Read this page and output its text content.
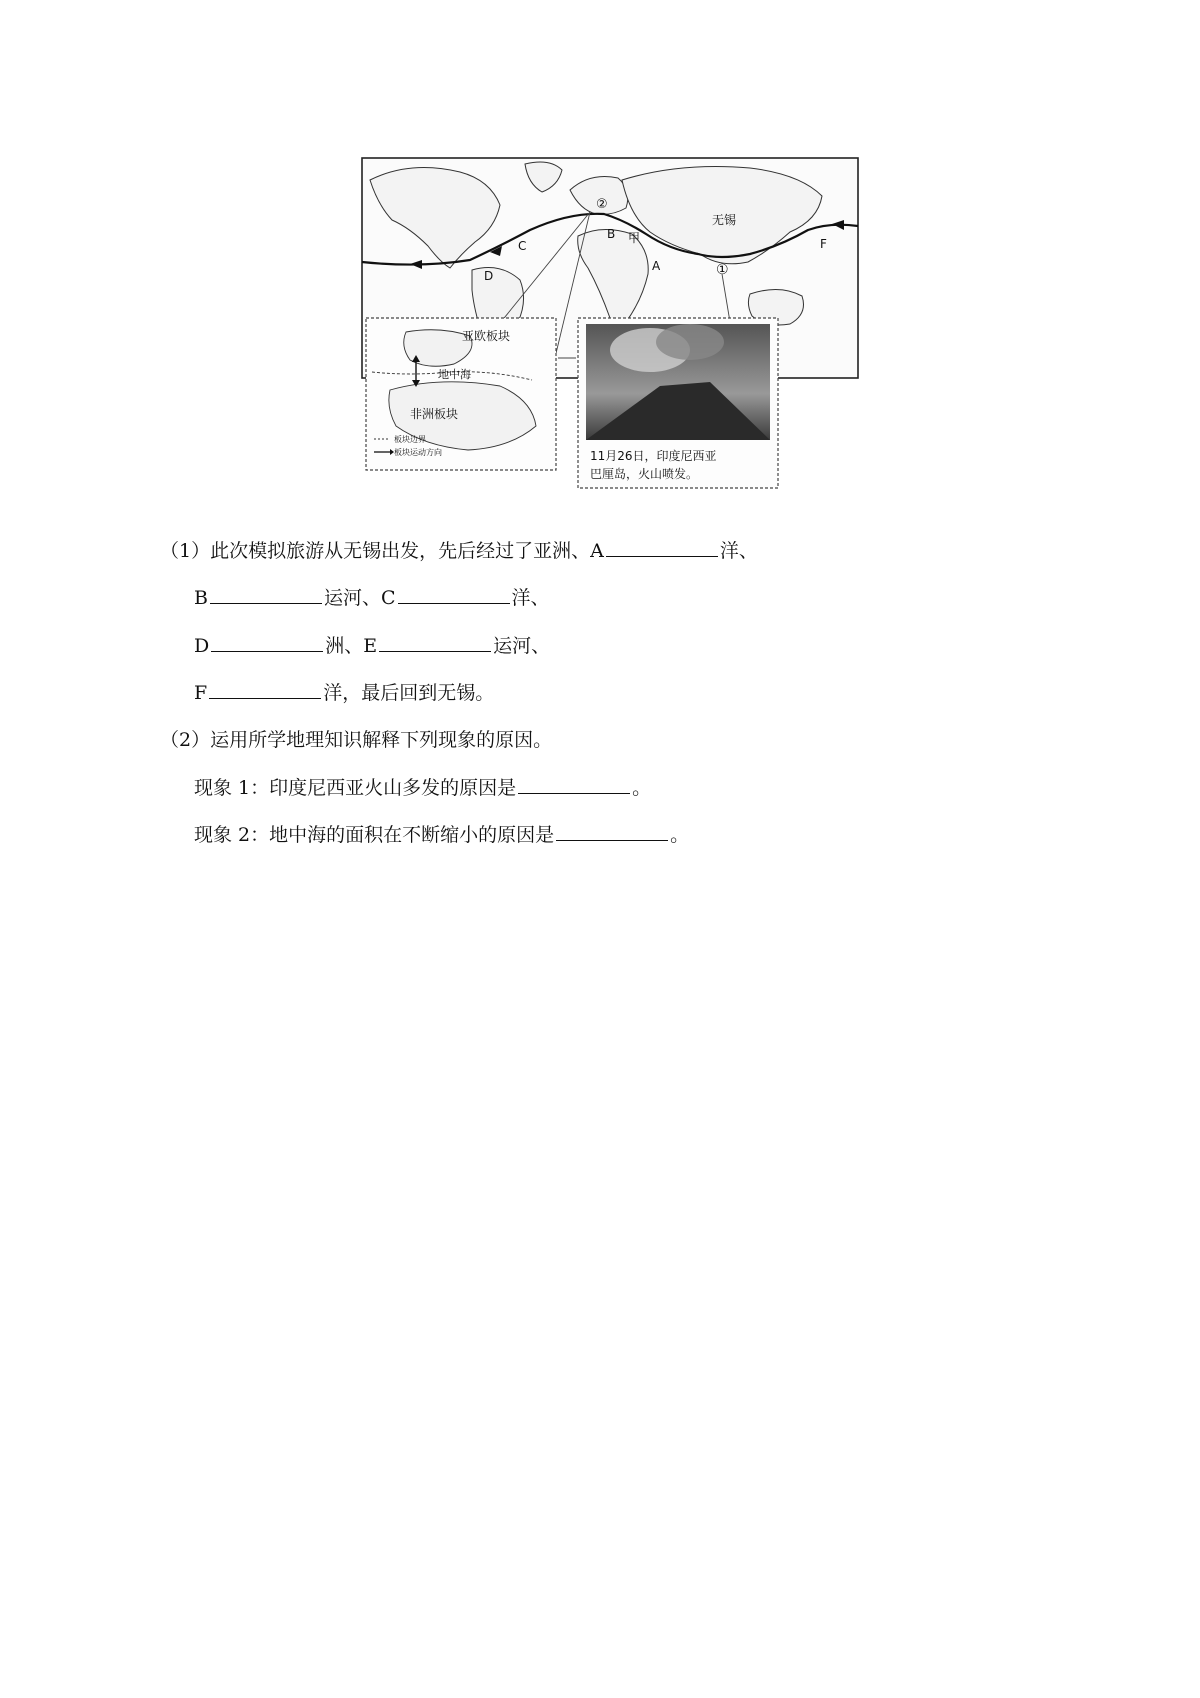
无锡
A
B 甲
C
D
F
①
②
亚欧板块
地中海
非洲板块
板块边界
板块运动方向	11月26日，印度尼西亚
巴厘岛，火山喷发。
（1）此次模拟旅游从无锡出发，先后经过了亚洲、A	洋、
B	运河、C	洋、
D	洲、E	运河、
F	洋，最后回到无锡。
（2）运用所学地理知识解释下列现象的原因。
现象 1：印度尼西亚火山多发的原因是	。
现象 2：地中海的面积在不断缩小的原因是	。
